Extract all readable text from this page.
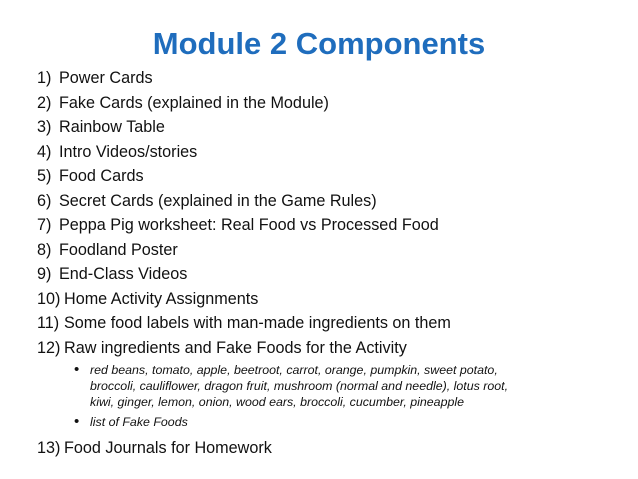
Module 2 Components
1) Power Cards
2) Fake Cards (explained in the Module)
3) Rainbow Table
4) Intro Videos/stories
5) Food Cards
6) Secret Cards (explained in the Game Rules)
7) Peppa Pig worksheet: Real Food vs Processed Food
8) Foodland Poster
9) End-Class Videos
10) Home Activity Assignments
11) Some food labels with man-made ingredients on them
12) Raw ingredients and Fake Foods for the Activity
• red beans, tomato, apple, beetroot, carrot, orange, pumpkin, sweet potato,
broccoli, cauliflower, dragon fruit, mushroom (normal and needle), lotus root,
kiwi, ginger, lemon, onion, wood ears, broccoli, cucumber, pineapple
• list of Fake Foods
13) Food Journals for Homework
